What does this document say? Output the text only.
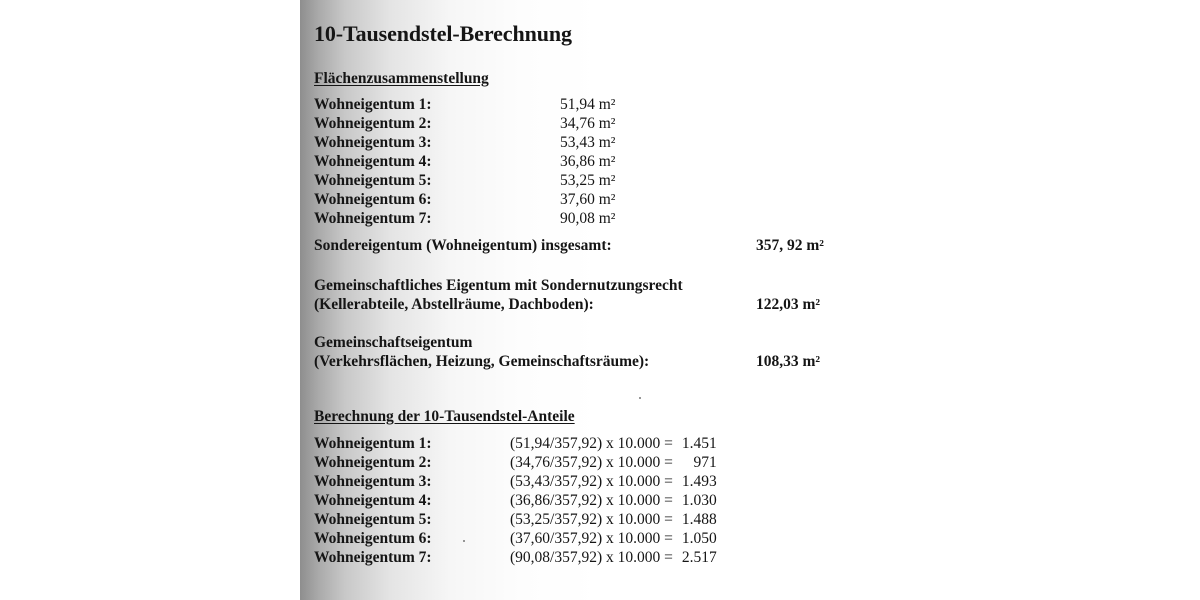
10-Tausendstel-Berechnung
Flächenzusammenstellung
Wohneigentum 1:	51,94 m²
Wohneigentum 2:	34,76 m²
Wohneigentum 3:	53,43 m²
Wohneigentum 4:	36,86 m²
Wohneigentum 5:	53,25 m²
Wohneigentum 6:	37,60 m²
Wohneigentum 7:	90,08 m²
Sondereigentum (Wohneigentum) insgesamt:	357, 92 m²
Gemeinschaftliches Eigentum mit Sondernutzungsrecht
(Kellerabteile, Abstellräume, Dachboden):	122,03 m²
Gemeinschaftseigentum
(Verkehrsflächen, Heizung, Gemeinschaftsräume):	108,33 m²
Berechnung der 10-Tausendstel-Anteile
Wohneigentum 1:	(51,94/357,92) x 10.000 = 1.451
Wohneigentum 2:	(34,76/357,92) x 10.000 = 971
Wohneigentum 3:	(53,43/357,92) x 10.000 = 1.493
Wohneigentum 4:	(36,86/357,92) x 10.000 = 1.030
Wohneigentum 5:	(53,25/357,92) x 10.000 = 1.488
Wohneigentum 6:	(37,60/357,92) x 10.000 = 1.050
Wohneigentum 7:	(90,08/357,92) x 10.000 = 2.517
